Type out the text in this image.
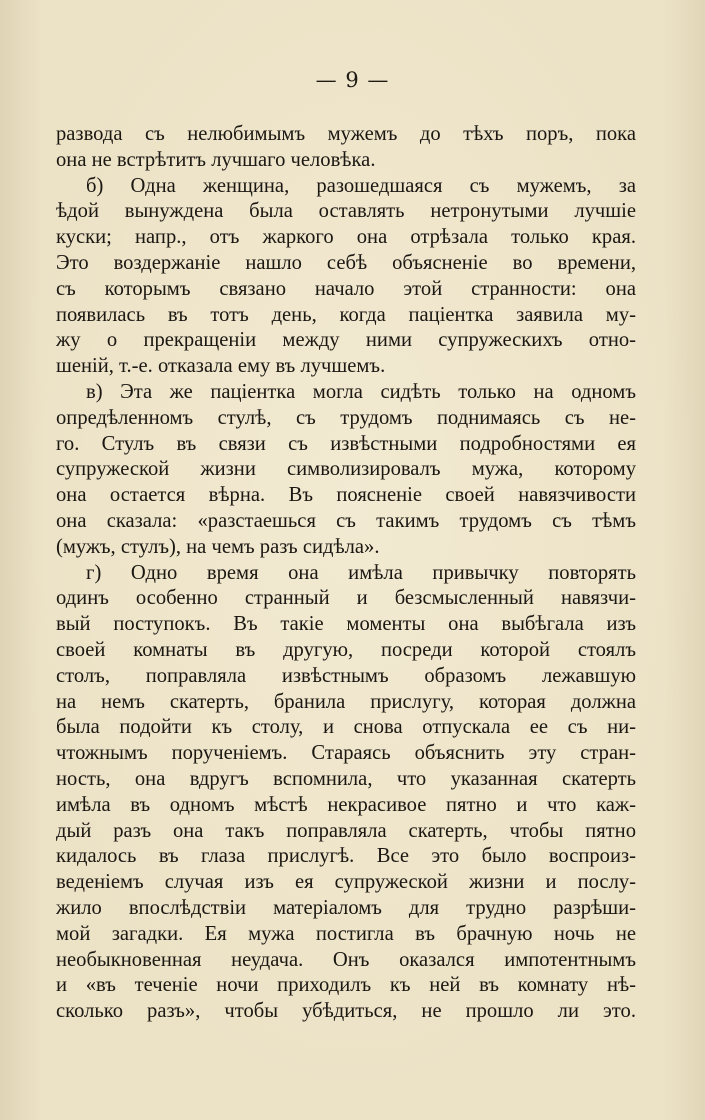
— 9 —
развода съ нелюбимымъ мужемъ до тѣхъ поръ, пока
она не встрѣтитъ лучшаго человѣка.
б) Одна женщина, разошедшаяся съ мужемъ, за
ѣдой вынуждена была оставлять нетронутыми лучшіе
куски; напр., отъ жаркого она отрѣзала только края.
Это воздержаніе нашло себѣ объясненіе во времени,
съ которымъ связано начало этой странности: она
появилась въ тотъ день, когда паціентка заявила му-
жу о прекращеніи между ними супружескихъ отно-
шеній, т.-е. отказала ему въ лучшемъ.
в) Эта же паціентка могла сидѣть только на одномъ
опредѣленномъ стулѣ, съ трудомъ поднимаясь съ не-
го. Стулъ въ связи съ извѣстными подробностями ея
супружеской жизни символизировалъ мужа, которому
она остается вѣрна. Въ поясненіе своей навязчивости
она сказала: «разстаешься съ такимъ трудомъ съ тѣмъ
(мужъ, стулъ), на чемъ разъ сидѣла».
г) Одно время она имѣла привычку повторять
одинъ особенно странный и безсмысленный навязчи-
вый поступокъ. Въ такіе моменты она выбѣгала изъ
своей комнаты въ другую, посреди которой стоялъ
столъ, поправляла извѣстнымъ образомъ лежавшую
на немъ скатерть, бранила прислугу, которая должна
была подойти къ столу, и снова отпускала ее съ ни-
чтожнымъ порученіемъ. Стараясь объяснить эту стран-
ность, она вдругъ вспомнила, что указанная скатерть
имѣла въ одномъ мѣстѣ некрасивое пятно и что каж-
дый разъ она такъ поправляла скатерть, чтобы пятно
кидалось въ глаза прислугѣ. Все это было воспроиз-
веденіемъ случая изъ ея супружеской жизни и послу-
жило впослѣдствіи матеріаломъ для трудно разрѣши-
мой загадки. Ея мужа постигла въ брачную ночь не
необыкновенная неудача. Онъ оказался импотентнымъ
и «въ теченіе ночи приходилъ къ ней въ комнату нѣ-
сколько разъ», чтобы убѣдиться, не прошло ли это.
